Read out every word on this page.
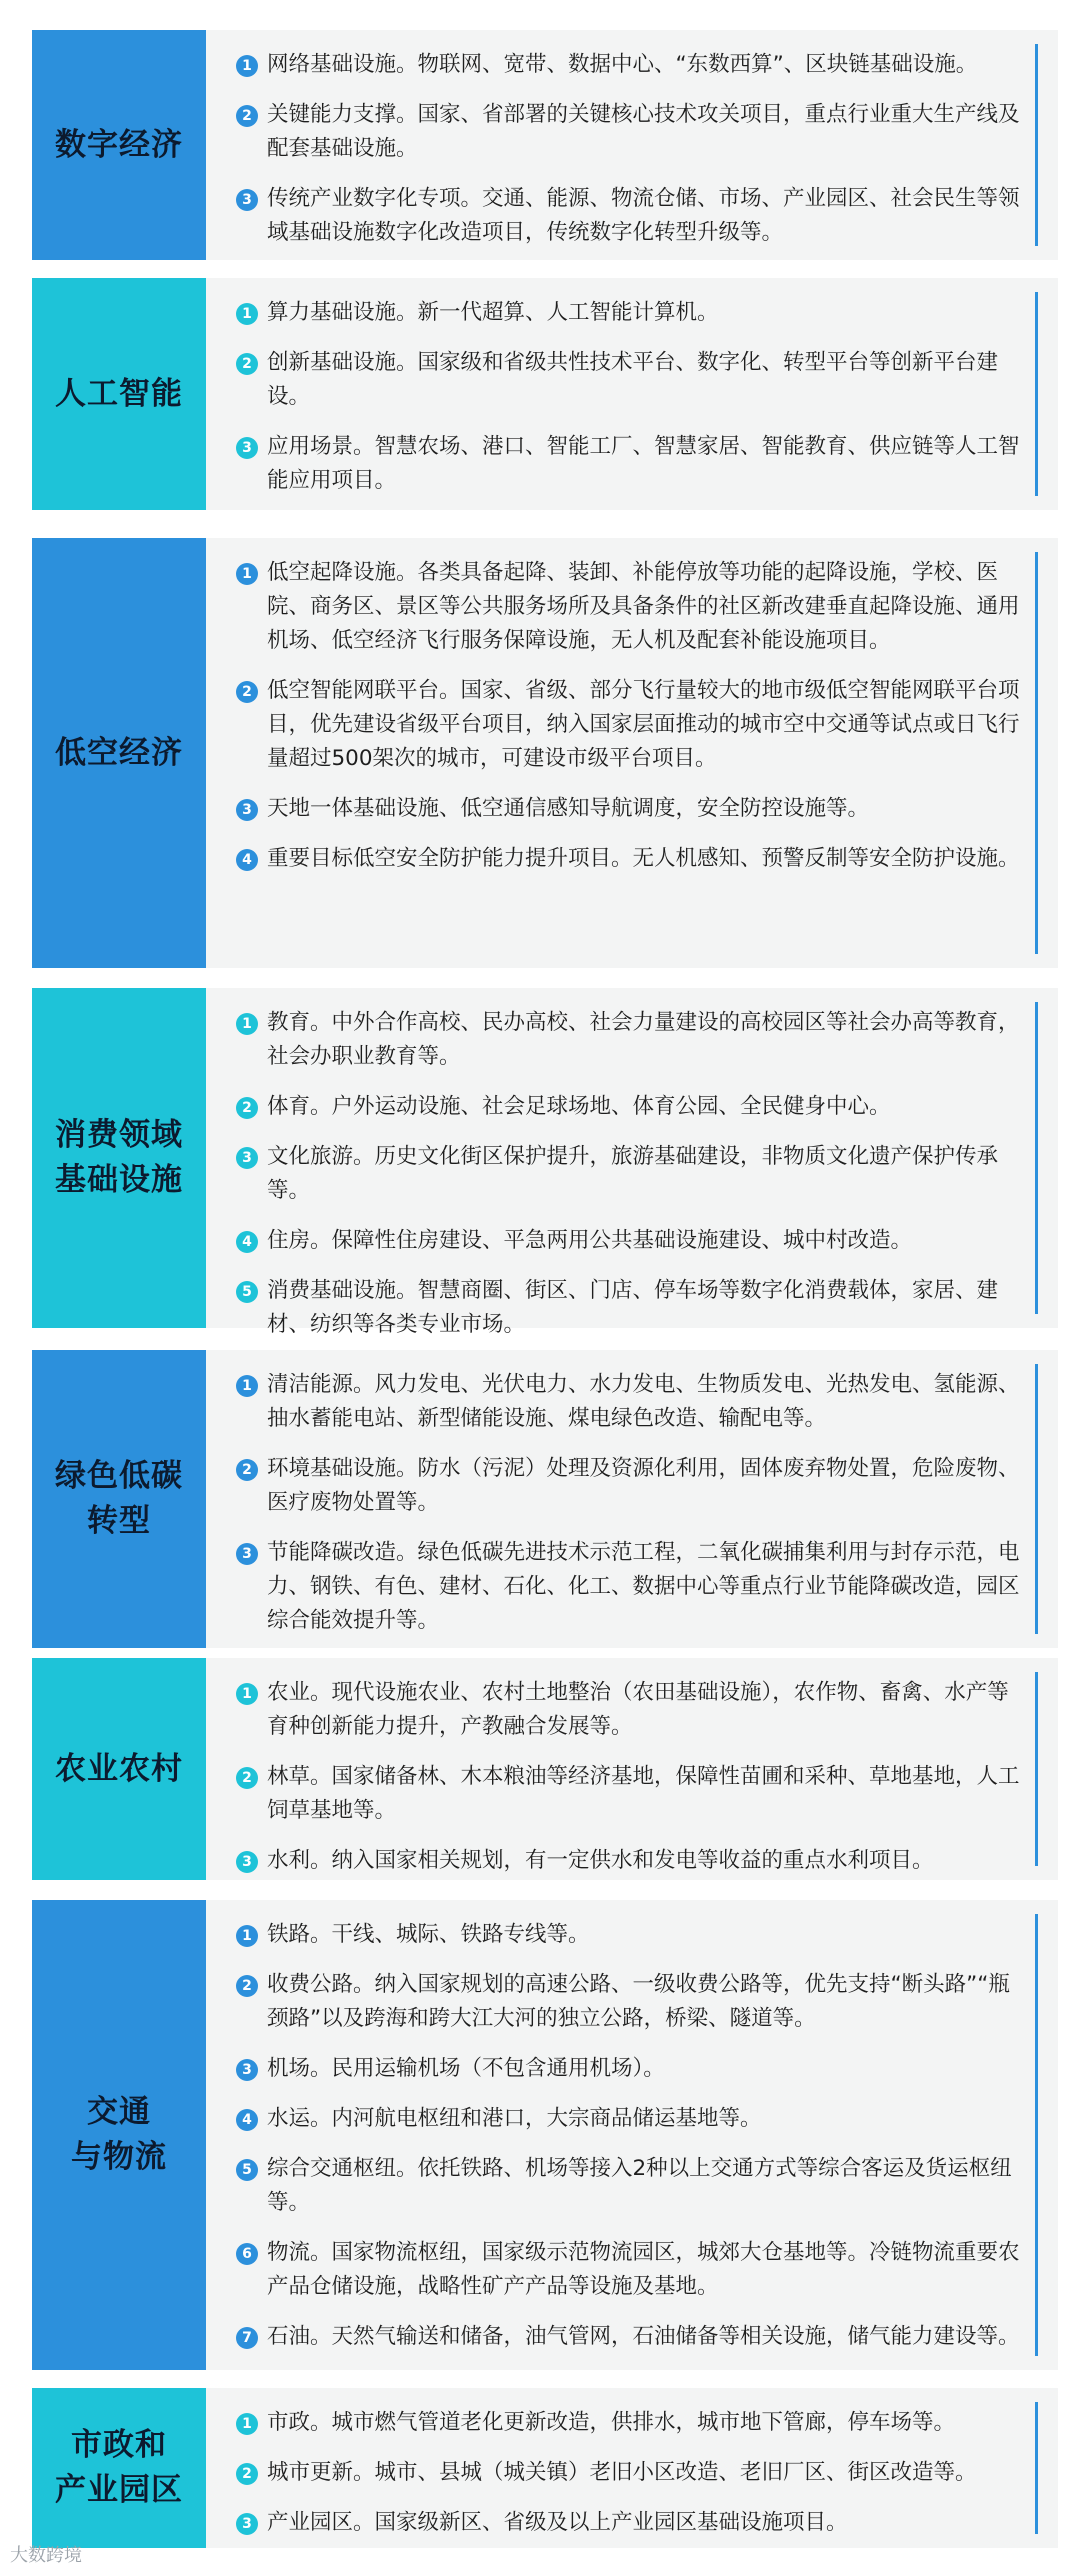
数字经济
1 网络基础设施。物联网、宽带、数据中心、“东数西算”、区块链基础设施。
2 关键能力支撑。国家、省部署的关键核心技术攻关项目，重点行业重大生产线及配套基础设施。
3 传统产业数字化专项。交通、能源、物流仓储、市场、产业园区、社会民生等领域基础设施数字化改造项目，传统数字化转型升级等。
人工智能
1 算力基础设施。新一代超算、人工智能计算机。
2 创新基础设施。国家级和省级共性技术平台、数字化、转型平台等创新平台建设。
3 应用场景。智慧农场、港口、智能工厂、智慧家居、智能教育、供应链等人工智能应用项目。
低空经济
1 低空起降设施。各类具备起降、装卸、补能停放等功能的起降设施，学校、医院、商务区、景区等公共服务场所及具备条件的社区新改建垂直起降设施、通用机场、低空经济飞行服务保障设施，无人机及配套补能设施项目。
2 低空智能网联平台。国家、省级、部分飞行量较大的地市级低空智能网联平台项目，优先建设省级平台项目，纳入国家层面推动的城市空中交通等试点或日飞行量超过500架次的城市，可建设市级平台项目。
3 天地一体基础设施、低空通信感知导航调度，安全防控设施等。
4 重要目标低空安全防护能力提升项目。无人机感知、预警反制等安全防护设施。
消费领域
基础设施
1 教育。中外合作高校、民办高校、社会力量建设的高校园区等社会办高等教育，社会办职业教育等。
2 体育。户外运动设施、社会足球场地、体育公园、全民健身中心。
3 文化旅游。历史文化街区保护提升，旅游基础建设，非物质文化遗产保护传承等。
4 住房。保障性住房建设、平急两用公共基础设施建设、城中村改造。
5 消费基础设施。智慧商圈、街区、门店、停车场等数字化消费载体，家居、建材、纺织等各类专业市场。
绿色低碳
转型
1 清洁能源。风力发电、光伏电力、水力发电、生物质发电、光热发电、氢能源、抽水蓄能电站、新型储能设施、煤电绿色改造、输配电等。
2 环境基础设施。防水（污泥）处理及资源化利用，固体废弃物处置，危险废物、医疗废物处置等。
3 节能降碳改造。绿色低碳先进技术示范工程，二氧化碳捕集利用与封存示范，电力、钢铁、有色、建材、石化、化工、数据中心等重点行业节能降碳改造，园区综合能效提升等。
农业农村
1 农业。现代设施农业、农村土地整治（农田基础设施），农作物、畜禽、水产等育种创新能力提升，产教融合发展等。
2 林草。国家储备林、木本粮油等经济基地，保障性苗圃和采种、草地基地，人工饲草基地等。
3 水利。纳入国家相关规划，有一定供水和发电等收益的重点水利项目。
交通
与物流
1 铁路。干线、城际、铁路专线等。
2 收费公路。纳入国家规划的高速公路、一级收费公路等，优先支持“断头路”“瓶颈路”以及跨海和跨大江大河的独立公路，桥梁、隧道等。
3 机场。民用运输机场（不包含通用机场）。
4 水运。内河航电枢纽和港口，大宗商品储运基地等。
5 综合交通枢纽。依托铁路、机场等接入2种以上交通方式等综合客运及货运枢纽等。
6 物流。国家物流枢纽，国家级示范物流园区，城郊大仓基地等。冷链物流重要农产品仓储设施，战略性矿产产品等设施及基地。
7 石油。天然气输送和储备，油气管网，石油储备等相关设施，储气能力建设等。
市政和
产业园区
1 市政。城市燃气管道老化更新改造，供排水，城市地下管廊，停车场等。
2 城市更新。城市、县城（城关镇）老旧小区改造、老旧厂区、街区改造等。
3 产业园区。国家级新区、省级及以上产业园区基础设施项目。
大数跨境
